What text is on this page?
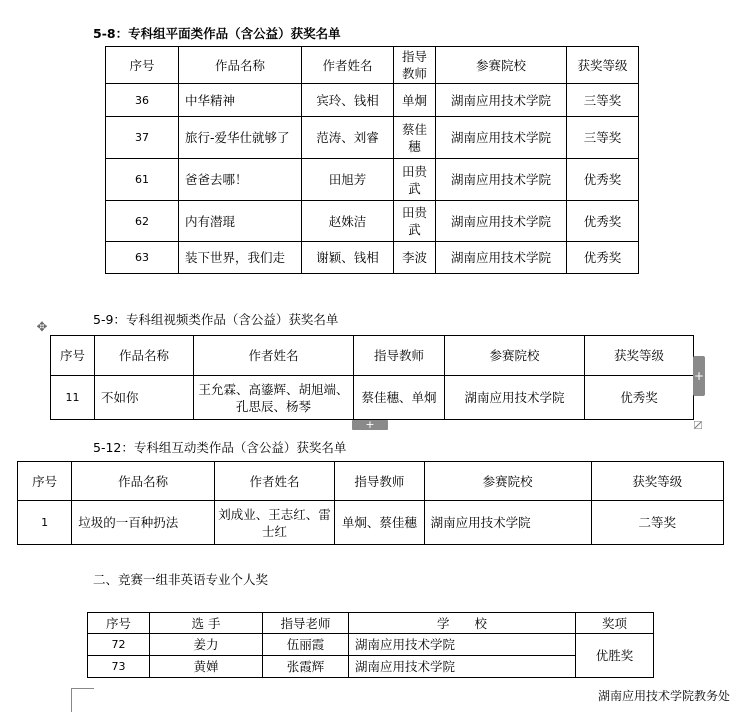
5-8：专科组平面类作品（含公益）获奖名单
序号	作品名称	作者姓名	指导教师	参赛院校	获奖等级
36	中华精神	宾玲、钱相	单炯	湖南应用技术学院	三等奖
37	旅行-爱华仕就够了	范涛、刘睿	蔡佳穗	湖南应用技术学院	三等奖
61	爸爸去哪！	田旭芳	田贵武	湖南应用技术学院	优秀奖
62	内有潜琨	赵姝洁	田贵武	湖南应用技术学院	优秀奖
63	装下世界，我们走	谢颖、钱相	李波	湖南应用技术学院	优秀奖
5-9：专科组视频类作品（含公益）获奖名单
✥
序号	作品名称	作者姓名	指导教师	参赛院校	获奖等级
11	不如你	王允霖、高鎏辉、胡旭端、孔思辰、杨琴	蔡佳穗、单炯	湖南应用技术学院	优秀奖
+
+
5-12：专科组互动类作品（含公益）获奖名单
序号	作品名称	作者姓名	指导教师	参赛院校	获奖等级
1	垃圾的一百种扔法	刘成业、王志红、雷士红	单炯、蔡佳穗	湖南应用技术学院	二等奖
二、竞赛一组非英语专业个人奖
序号	选 手	指导老师	学　　校	奖项
72	姜力	伍丽霞	湖南应用技术学院	优胜奖
73	黄婵	张霞辉	湖南应用技术学院	
湖南应用技术学院教务处
